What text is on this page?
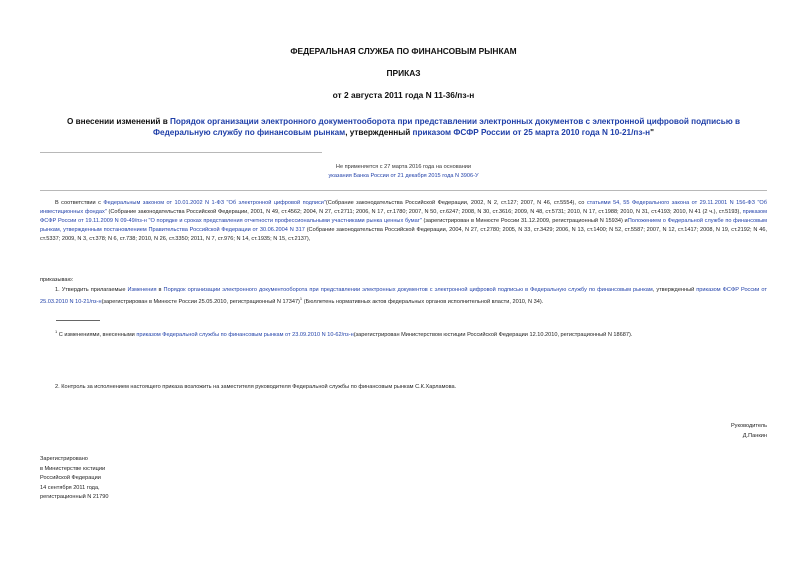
ФЕДЕРАЛЬНАЯ СЛУЖБА ПО ФИНАНСОВЫМ РЫНКАМ
ПРИКАЗ
от 2 августа 2011 года N 11-36/пз-н
О внесении изменений в Порядок организации электронного документооборота при представлении электронных документов с электронной цифровой подписью в Федеральную службу по финансовым рынкам, утвержденный приказом ФСФР России от 25 марта 2010 года N 10-21/пз-н"
Не применяется с 27 марта 2016 года на основании
указания Банка России от 21 декабря 2015 года N 3906-У
В соответствии с Федеральным законом от 10.01.2002 N 1-ФЗ "Об электронной цифровой подписи"(Собрание законодательства Российской Федерации, 2002, N 2, ст.127; 2007, N 46, ст.5554), со статьями 54, 55 Федерального закона от 29.11.2001 N 156-ФЗ "Об инвестиционных фондах" (Собрание законодательства Российской Федерации, 2001, N 49, ст.4562; 2004, N 27, ст.2711; 2006, N 17, ст.1780; 2007, N 50, ст.6247; 2008, N 30, ст.3616; 2009, N 48, ст.5731; 2010, N 17, ст.1988; 2010, N 31, ст.4193; 2010, N 41 (2 ч.), ст.5193), приказом ФСФР России от 19.11.2009 N 09-49/пз-н "О порядке и сроках представления отчетности профессиональными участниками рынка ценных бумаг" (зарегистрирован в Минюсте России 31.12.2009, регистрационный N 15934) иПоложением о Федеральной службе по финансовым рынкам, утвержденным постановлением Правительства Российской Федерации от 30.06.2004 N 317 (Собрание законодательства Российской Федерации, 2004, N 27, ст.2780; 2005, N 33, ст.3429; 2006, N 13, ст.1400; N 52, ст.5587; 2007, N 12, ст.1417; 2008, N 19, ст.2192; N 46, ст.5337; 2009, N 3, ст.378; N 6, ст.738; 2010, N 26, ст.3350; 2011, N 7, ст.976; N 14, ст.1935; N 15, ст.2137),
приказываю:
1. Утвердить прилагаемые Изменения в Порядок организации электронного документооборота при представлении электронных документов с электронной цифровой подписью в Федеральную службу по финансовым рынкам, утвержденный приказом ФСФР России от 25.03.2010 N 10-21/пз-н(зарегистрирован в Минюсте России 25.05.2010, регистрационный N 17347)$^1$ (Бюллетень нормативных актов федеральных органов исполнительной власти, 2010, N 34).
$^1$ С изменениями, внесенными приказом Федеральной службы по финансовым рынкам от 23.09.2010 N 10-62/пз-н(зарегистрирован Министерством юстиции Российской Федерации 12.10.2010, регистрационный N 18687).
2. Контроль за исполнением настоящего приказа возложить на заместителя руководителя Федеральной службы по финансовым рынкам С.К.Харламова.
Руководитель
Д.Панкин
Зарегистрировано
в Министерстве юстиции
Российской Федерации
14 сентября 2011 года,
регистрационный N 21790
